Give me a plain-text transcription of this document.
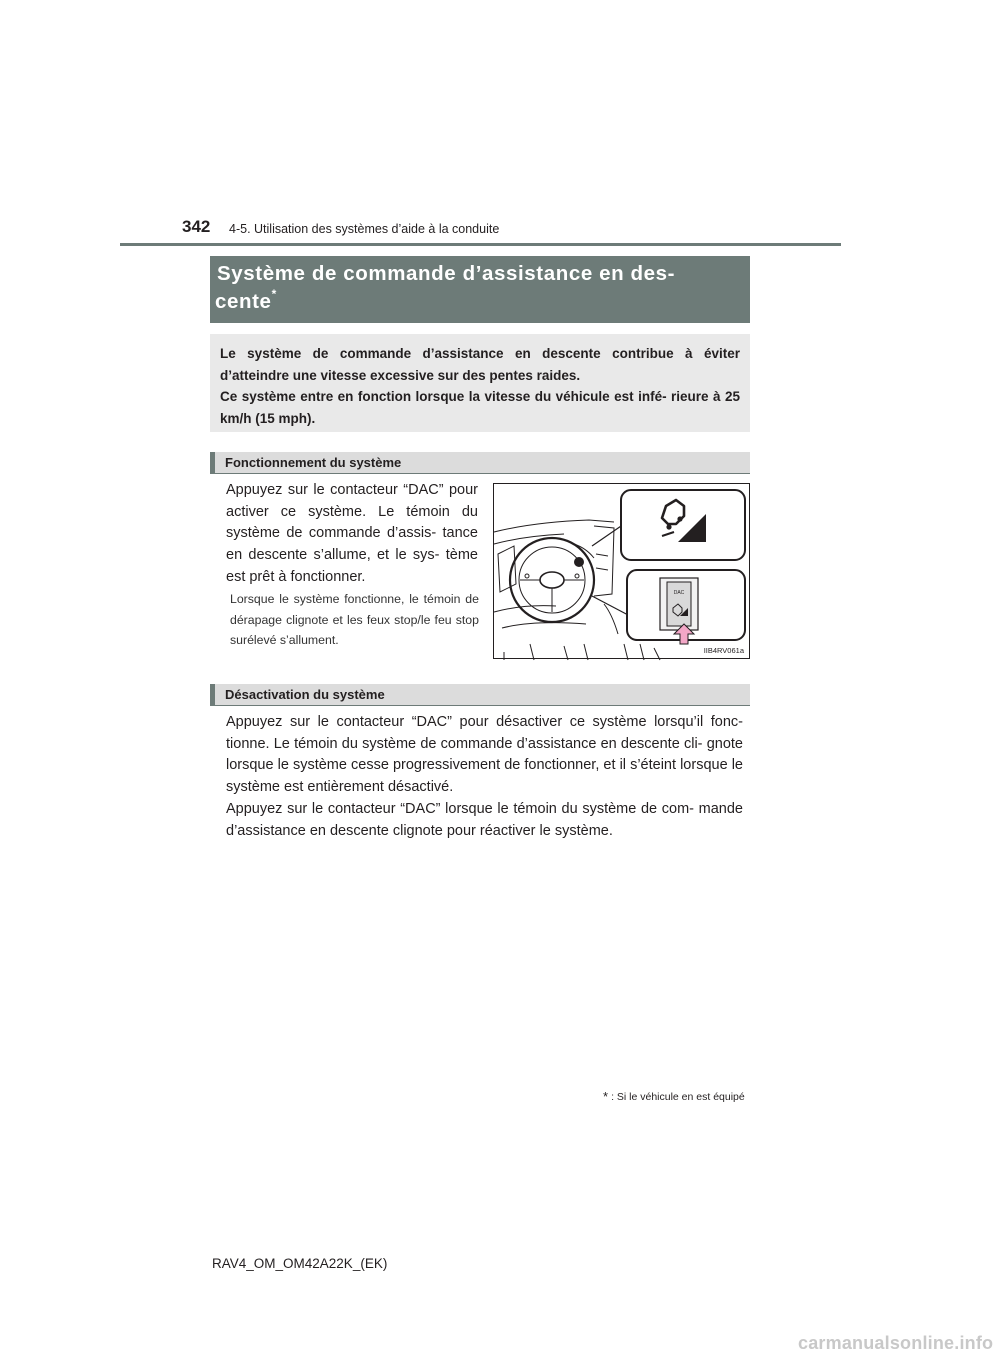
342 4-5. Utilisation des systèmes d’aide à la conduite
Système de commande d’assistance en des-
cente*

Le système de commande d’assistance en descente contribue à éviter d’atteindre une vitesse excessive sur des pentes raides.

Ce système entre en fonction lorsque la vitesse du véhicule est infé- rieure à 25 km/h (15 mph).

Fonctionnement du système
Appuyez sur le contacteur “DAC” pour activer ce système. Le témoin du système de commande d’assis- tance en descente s’allume, et le sys- tème est prêt à fonctionner.
Lorsque le système fonctionne, le témoin de dérapage clignote et les feux stop/le feu stop surélevé s’allument.
DAC
IIB4RV061a
Désactivation du système
Appuyez sur le contacteur “DAC” pour désactiver ce système lorsqu’il fonc- tionne. Le témoin du système de commande d’assistance en descente cli- gnote lorsque le système cesse progressivement de fonctionner, et il s’éteint lorsque le système est entièrement désactivé.
Appuyez sur le contacteur “DAC” lorsque le témoin du système de com- mande d’assistance en descente clignote pour réactiver le système.
* : Si le véhicule en est équipé
RAV4_OM_OM42A22K_(EK)
carmanualsonline.info
